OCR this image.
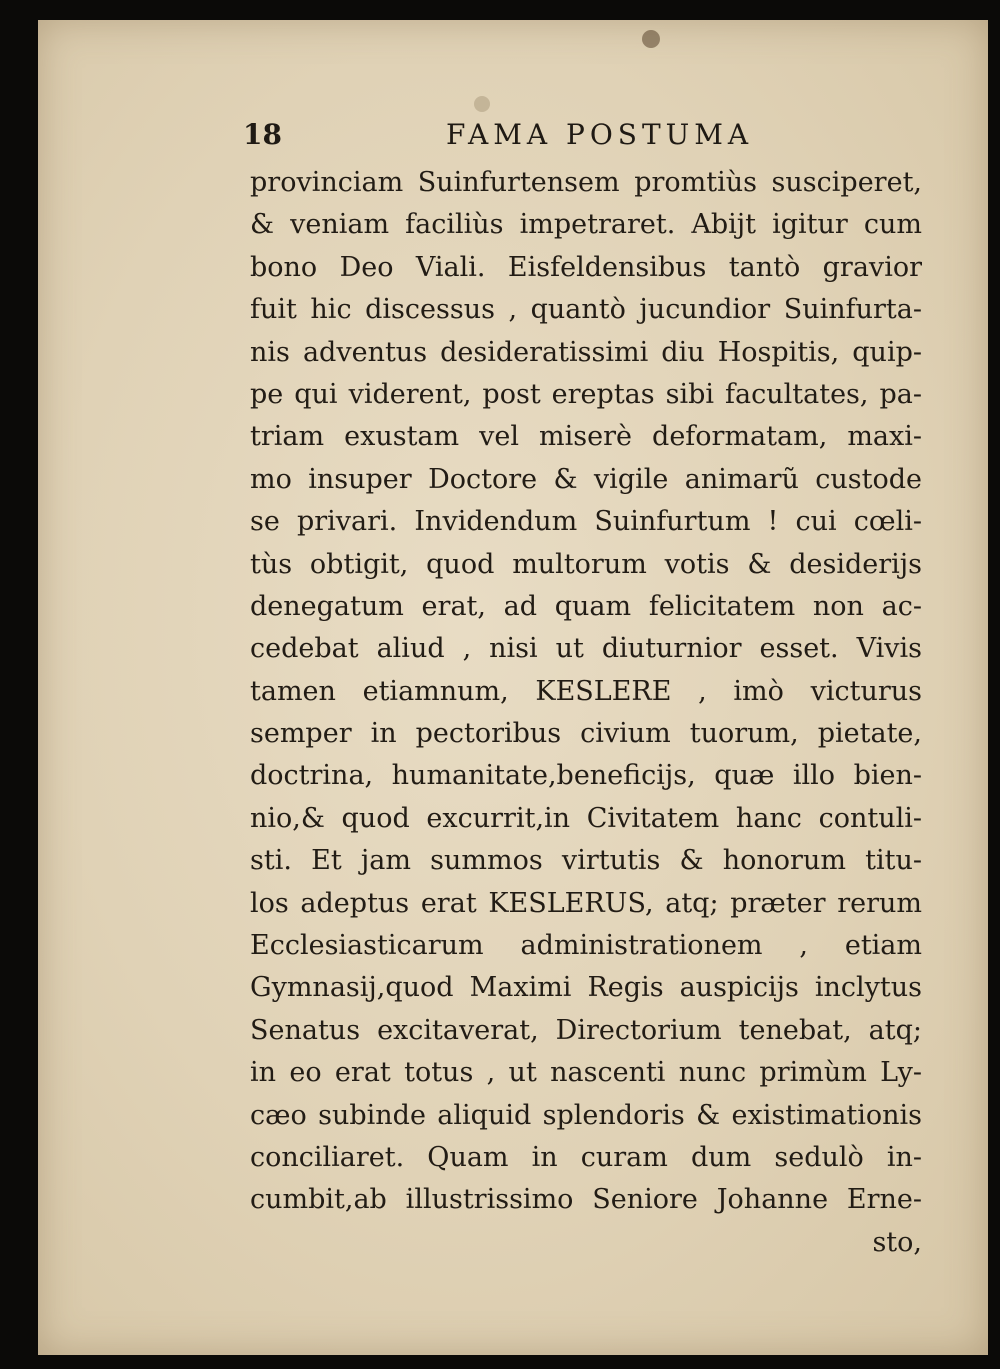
18	FAMA POSTUMA
provinciam Suinfurtensem promtiùs susciperet,
& veniam faciliùs impetraret. Abijt igitur cum
bono Deo Viali. Eisfeldensibus tantò gravior
fuit hic discessus , quantò jucundior Suinfurta-
nis adventus desideratissimi diu Hospitis, quip-
pe qui viderent, post ereptas sibi facultates, pa-
triam exustam vel miserè deformatam, maxi-
mo insuper Doctore & vigile animarũ custode
se privari. Invidendum Suinfurtum ! cui cœli-
tùs obtigit, quod multorum votis & desiderijs
denegatum erat, ad quam felicitatem non ac-
cedebat aliud , nisi ut diuturnior esset. Vivis
tamen etiamnum, KESLERE , imò victurus
semper in pectoribus civium tuorum, pietate,
doctrina, humanitate,beneficijs, quæ illo bien-
nio,& quod excurrit,in Civitatem hanc contuli-
sti. Et jam summos virtutis & honorum titu-
los adeptus erat KESLERUS, atq; præter rerum
Ecclesiasticarum administrationem , etiam
Gymnasij,quod Maximi Regis auspicijs inclytus
Senatus excitaverat, Directorium tenebat, atq;
in eo erat totus , ut nascenti nunc primùm Ly-
cæo subinde aliquid splendoris & existimationis
conciliaret. Quam in curam dum sedulò in-
cumbit,ab illustrissimo Seniore Johanne Erne-
sto,
